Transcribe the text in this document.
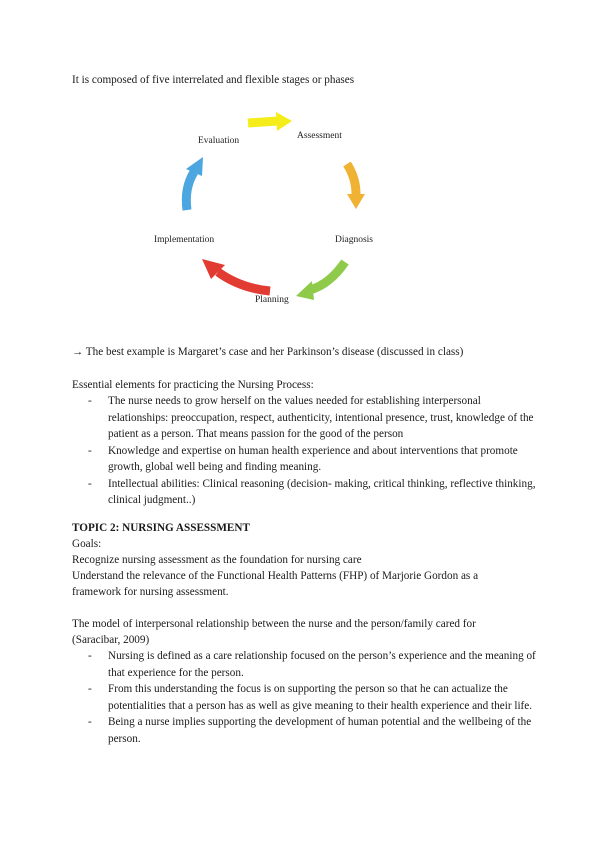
It is composed of five interrelated and flexible stages or phases
Evaluation	Assessment
Diagnosis
Implementation
Planning
→ The best example is Margaret’s case and her Parkinson’s disease (discussed in class)
Essential elements for practicing the Nursing Process:
- The nurse needs to grow herself on the values needed for establishing interpersonal relationships: preoccupation, respect, authenticity, intentional presence, trust, knowledge of the patient as a person. That means passion for the good of the person
- Knowledge and expertise on human health experience and about interventions that promote growth, global well being and finding meaning.
- Intellectual abilities: Clinical reasoning (decision- making, critical thinking, reflective thinking, clinical judgment..)
TOPIC 2: NURSING ASSESSMENT
Goals:
Recognize nursing assessment as the foundation for nursing care
Understand the relevance of the Functional Health Patterns (FHP) of Marjorie Gordon as a
framework for nursing assessment.
The model of interpersonal relationship between the nurse and the person/family cared for
(Saracibar, 2009)
- Nursing is defined as a care relationship focused on the person’s experience and the meaning of that experience for the person.
- From this understanding the focus is on supporting the person so that he can actualize the potentialities that a person has as well as give meaning to their health experience and their life.
- Being a nurse implies supporting the development of human potential and the wellbeing of the person.
